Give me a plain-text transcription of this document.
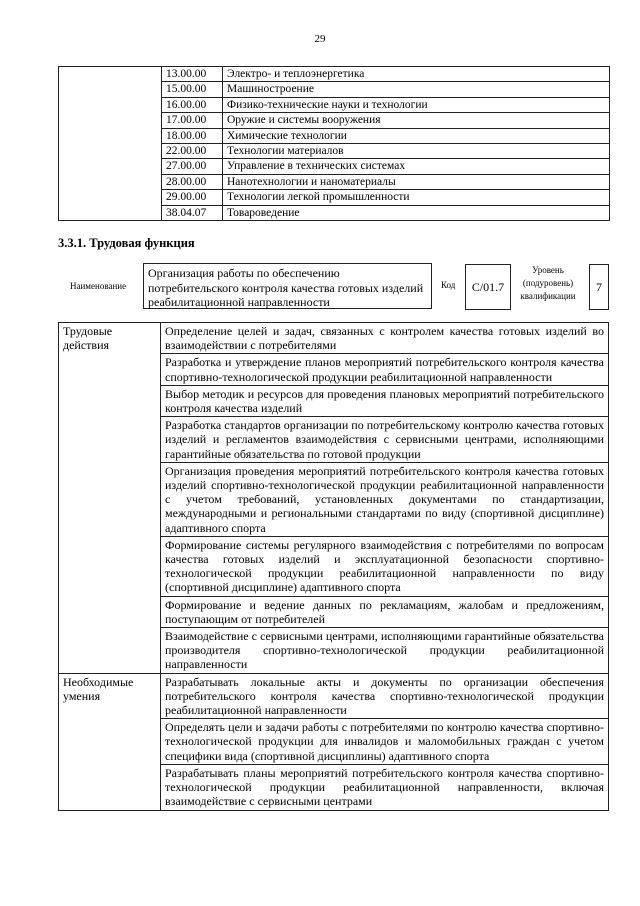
29
	13.00.00	Электро- и теплоэнергетика
	15.00.00	Машиностроение
	16.00.00	Физико-технические науки и технологии
	17.00.00	Оружие и системы вооружения
	18.00.00	Химические технологии
	22.00.00	Технологии материалов
	27.00.00	Управление в технических системах
	28.00.00	Нанотехнологии и наноматериалы
	29.00.00	Технологии легкой промышленности
	38.04.07	Товароведение
3.3.1. Трудовая функция
Наименование
Организация работы по обеспечению потребительского контроля качества готовых изделий реабилитационной направленности
Код	С/01.7
Уровень (подуровень) квалификации
7
Трудовые действия	Определение целей и задач, связанных с контролем качества готовых изделий во взаимодействии с потребителями
	Разработка и утверждение планов мероприятий потребительского контроля качества спортивно-технологической продукции реабилитационной направленности
	Выбор методик и ресурсов для проведения плановых мероприятий потребительского контроля качества изделий
	Разработка стандартов организации по потребительскому контролю качества готовых изделий и регламентов взаимодействия с сервисными центрами, исполняющими гарантийные обязательства по готовой продукции
	Организация проведения мероприятий потребительского контроля качества готовых изделий спортивно-технологической продукции реабилитационной направленности с учетом требований, установленных документами по стандартизации, международными и региональными стандартами по виду (спортивной дисциплине) адаптивного спорта
	Формирование системы регулярного взаимодействия с потребителями по вопросам качества готовых изделий и эксплуатационной безопасности спортивно-технологической продукции реабилитационной направленности по виду (спортивной дисциплине) адаптивного спорта
	Формирование и ведение данных по рекламациям, жалобам и предложениям, поступающим от потребителей
	Взаимодействие с сервисными центрами, исполняющими гарантийные обязательства производителя спортивно-технологической продукции реабилитационной направленности
Необходимые умения	Разрабатывать локальные акты и документы по организации обеспечения потребительского контроля качества спортивно-технологической продукции реабилитационной направленности
	Определять цели и задачи работы с потребителями по контролю качества спортивно-технологической продукции для инвалидов и маломобильных граждан с учетом специфики вида (спортивной дисциплины) адаптивного спорта
	Разрабатывать планы мероприятий потребительского контроля качества спортивно-технологической продукции реабилитационной направленности, включая взаимодействие с сервисными центрами
